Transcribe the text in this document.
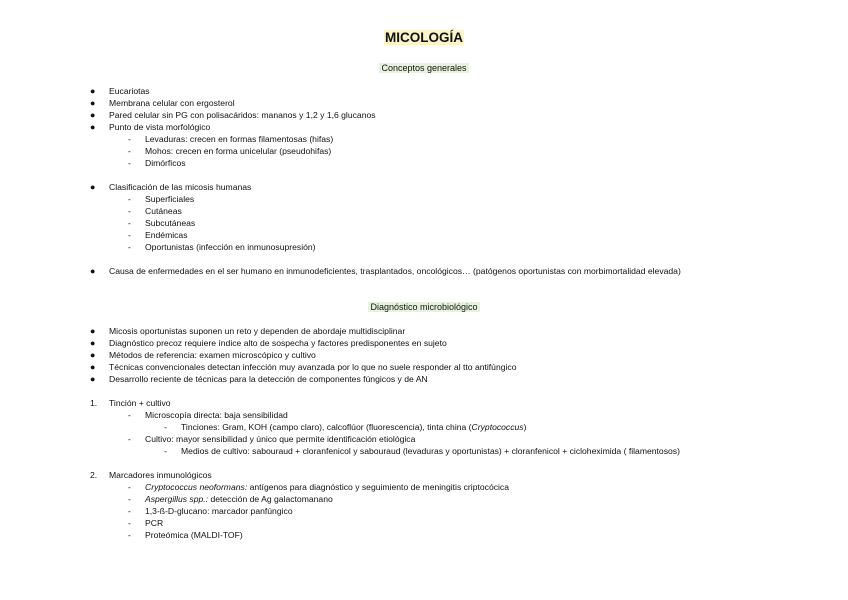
MICOLOGÍA
Conceptos generales
● Eucariotas
● Membrana celular con ergosterol
● Pared celular sin PG con polisacáridos: mananos y 1,2 y 1,6 glucanos
● Punto de vista morfológico
- Levaduras: crecen en formas filamentosas (hifas)
- Mohos: crecen en forma unicelular (pseudohifas)
- Dimórficos
● Clasificación de las micosis humanas
- Superficiales
- Cutáneas
- Subcutáneas
- Endémicas
- Oportunistas (infección en inmunosupresión)
● Causa de enfermedades en el ser humano en inmunodeficientes, trasplantados, oncológicos… (patógenos oportunistas con morbimortalidad elevada)
Diagnóstico microbiológico
● Micosis oportunistas suponen un reto y dependen de abordaje multidisciplinar
● Diagnóstico precoz requiere índice alto de sospecha y factores predisponentes en sujeto
● Métodos de referencia: examen microscópico y cultivo
● Técnicas convencionales detectan infección muy avanzada por lo que no suele responder al tto antifúngico
● Desarrollo reciente de técnicas para la detección de componentes fúngicos y de AN
1. Tinción + cultivo
- Microscopía directa: baja sensibilidad
- Tinciones: Gram, KOH (campo claro), calcoflúor (fluorescencia), tinta china (Cryptococcus)
- Cultivo: mayor sensibilidad y único que permite identificación etiológica
- Medios de cultivo: sabouraud + cloranfenicol y sabouraud (levaduras y oportunistas) + cloranfenicol + cicloheximida ( filamentosos)
2. Marcadores inmunológicos
- Cryptococcus neoformans: antígenos para diagnóstico y seguimiento de meningitis criptocócica
- Aspergillus spp.: detección de Ag galactomanano
- 1,3-ß-D-glucano: marcador panfúngico
- PCR
- Proteómica (MALDI-TOF)
